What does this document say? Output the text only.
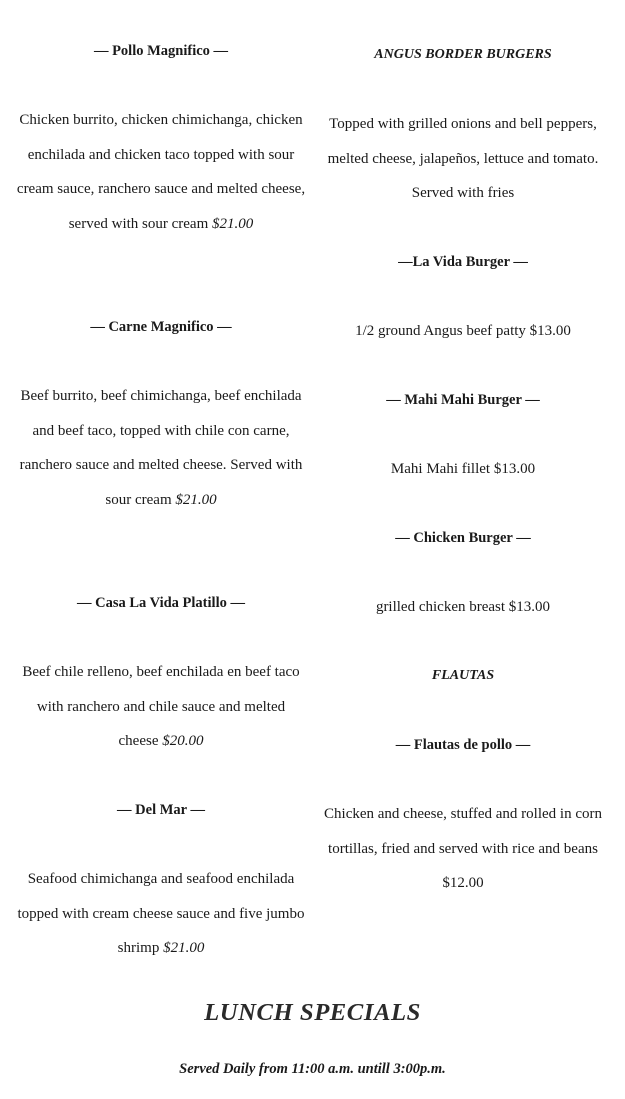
— Pollo Magnifico —

Chicken burrito, chicken chimichanga, chicken enchilada and chicken taco topped with sour cream sauce, ranchero sauce and melted cheese, served with sour cream $21.00

— Carne Magnifico —

Beef burrito, beef chimichanga, beef enchilada and beef taco, topped with chile con carne, ranchero sauce and melted cheese. Served with sour cream $21.00

— Casa La Vida Platillo —

Beef chile relleno, beef enchilada en beef taco with ranchero and chile sauce and melted cheese $20.00

— Del Mar —

Seafood chimichanga and seafood enchilada topped with cream cheese sauce and five jumbo shrimp $21.00

ANGUS BORDER BURGERS

Topped with grilled onions and bell peppers, melted cheese, jalapeños, lettuce and tomato. Served with fries

—La Vida Burger —

1/2 ground Angus beef patty $13.00

— Mahi Mahi Burger —

Mahi Mahi fillet $13.00

— Chicken Burger —

grilled chicken breast $13.00

FLAUTAS
— Flautas de pollo —

Chicken and cheese, stuffed and rolled in corn tortillas, fried and served with rice and beans $12.00

LUNCH SPECIALS
Served Daily from 11:00 a.m. untill 3:00p.m.
